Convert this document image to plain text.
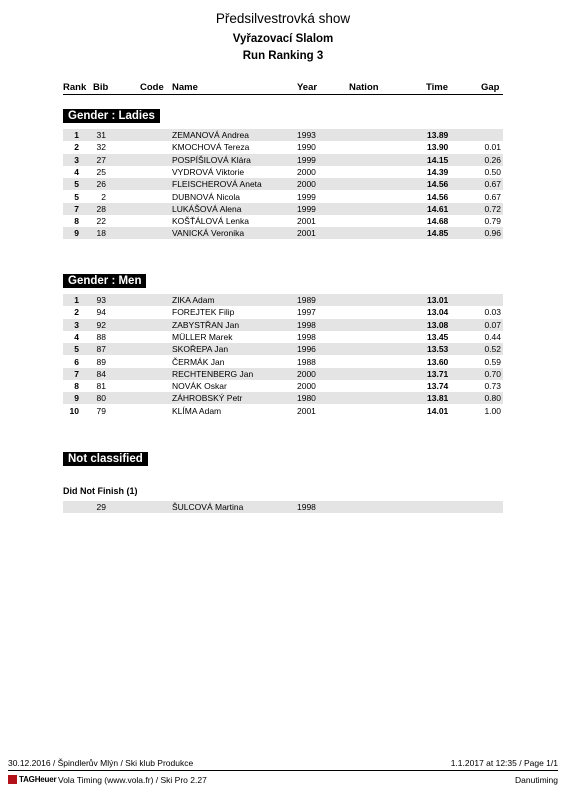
Předsilvestrovká show
Vyřazovací Slalom
Run Ranking 3
Rank Bib	Code Name	Year	Nation	Time	Gap
Gender : Ladies
1	31	ZEMANOVÁ Andrea	1993	13.89
2	32	KMOCHOVÁ Tereza	1990	13.90	0.01
3	27	POSPÍŠILOVÁ Klára	1999	14.15	0.26
4	25	VYDROVÁ Viktorie	2000	14.39	0.50
5	26	FLEISCHEROVÁ Aneta	2000	14.56	0.67
5	2	DUBNOVÁ Nicola	1999	14.56	0.67
7	28	LUKÁŠOVÁ Alena	1999	14.61	0.72
8	22	KOŠŤÁLOVÁ Lenka	2001	14.68	0.79
9	18	VANICKÁ Veronika	2001	14.85	0.96
Gender : Men
1	93	ZIKA Adam	1989	13.01
2	94	FOREJTEK Filip	1997	13.04	0.03
3	92	ZABYSTŘAN Jan	1998	13.08	0.07
4	88	MÜLLER Marek	1998	13.45	0.44
5	87	SKOŘEPA Jan	1996	13.53	0.52
6	89	ČERMÁK Jan	1988	13.60	0.59
7	84	RECHTENBERG Jan	2000	13.71	0.70
8	81	NOVÁK Oskar	2000	13.74	0.73
9	80	ZÁHROBSKÝ Petr	1980	13.81	0.80
10	79	KLÍMA Adam	2001	14.01	1.00
Not classified
Did Not Finish (1)
29	ŠULCOVÁ Martina	1998
30.12.2016 / Špindlerův Mlýn / Ski klub Produkce	1.1.2017 at 12:35 / Page 1/1
TAGHeuer Vola Timing (www.vola.fr) / Ski Pro 2.27	Danutiming
